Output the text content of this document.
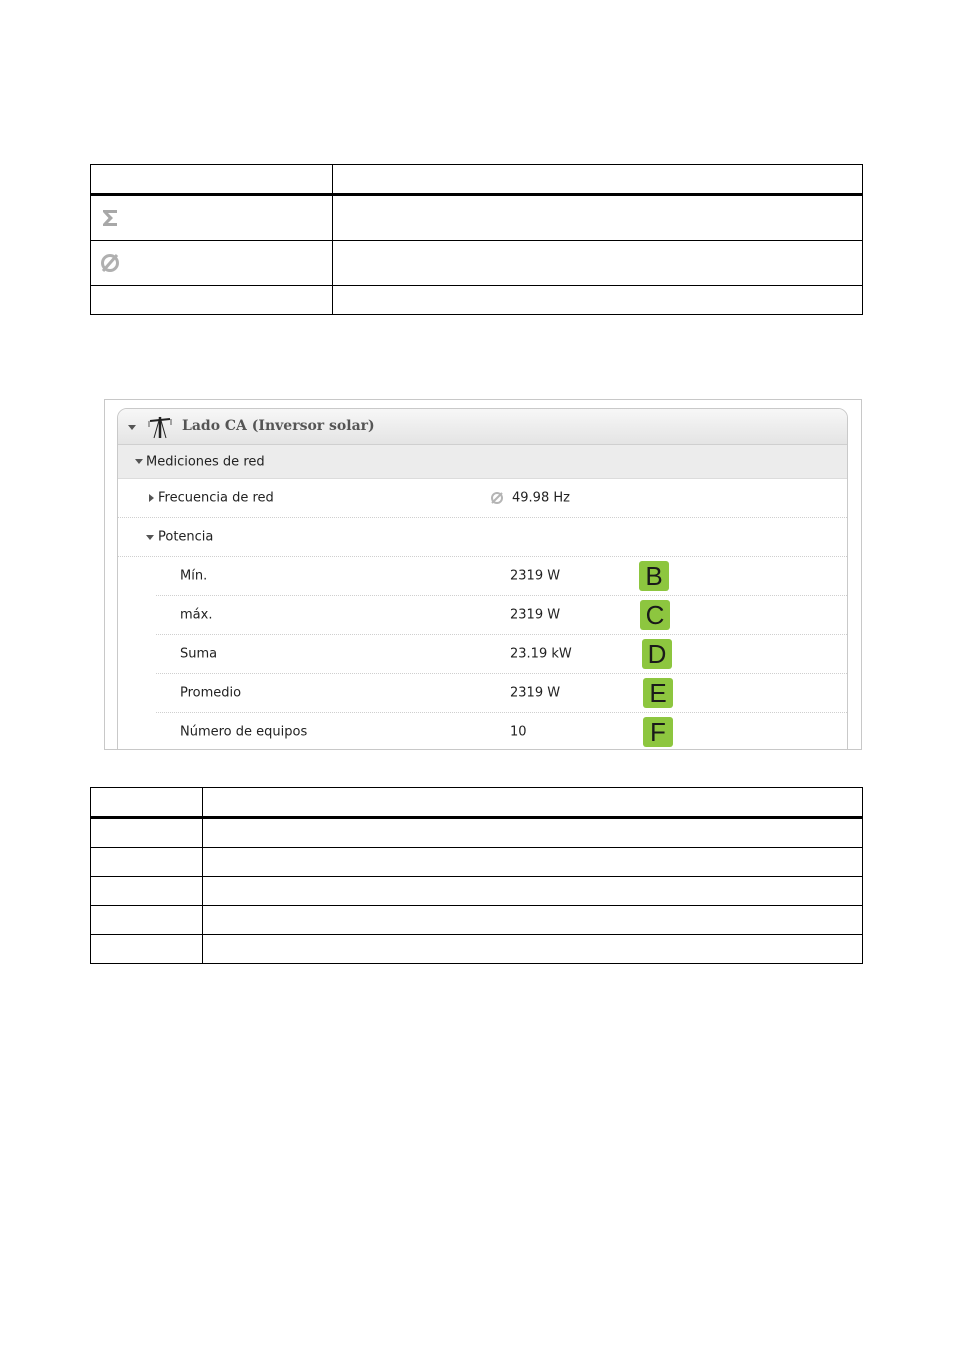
Lado CA (Inversor solar)
Mediciones de red
Frecuencia de red	49.98 Hz
Potencia
Mín.	2319 W	B
máx.	2319 W	C
Suma	23.19 kW	D
Promedio	2319 W	E
Número de equipos	10	F
